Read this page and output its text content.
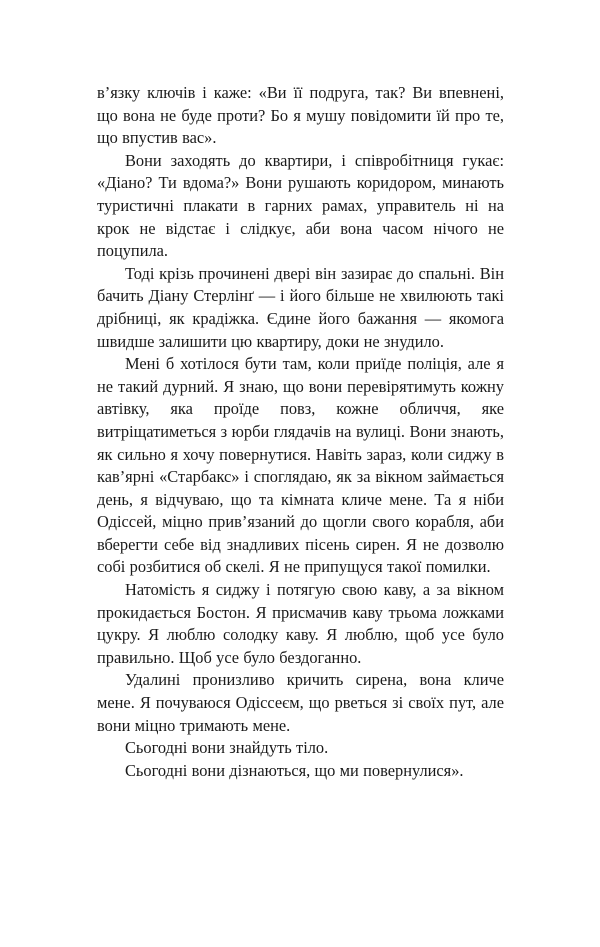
в’язку ключів і каже: «Ви її подруга, так? Ви впевнені, що вона не буде проти? Бо я мушу повідомити їй про те, що впустив вас».

Вони заходять до квартири, і співробітниця гукає: «Діано? Ти вдома?» Вони рушають коридором, минають туристичні плакати в гарних рамах, управитель ні на крок не відстає і слідкує, аби вона часом нічого не поцупила.

Тоді крізь прочинені двері він зазирає до спальні. Він бачить Діану Стерлінґ — і його більше не хвилюють такі дрібниці, як крадіжка. Єдине його бажання — якомога швидше залишити цю квартиру, доки не знудило.

Мені б хотілося бути там, коли приїде поліція, але я не такий дурний. Я знаю, що вони перевірятимуть кожну автівку, яка проїде повз, кожне обличчя, яке витріщатиметься з юрби глядачів на вулиці. Вони знають, як сильно я хочу повернутися. Навіть зараз, коли сиджу в кав’ярні «Старбакс» і споглядаю, як за вікном займається день, я відчуваю, що та кімната кличе мене. Та я ніби Одіссей, міцно прив’язаний до щогли свого корабля, аби вберегти себе від знадливих пісень сирен. Я не дозволю собі розбитися об скелі. Я не припущуся такої помилки.

Натомість я сиджу і потягую свою каву, а за вікном прокидається Бостон. Я присмачив каву трьома ложками цукру. Я люблю солодку каву. Я люблю, щоб усе було правильно. Щоб усе було бездоганно.

Удалині пронизливо кричить сирена, вона кличе мене. Я почуваюся Одіссеєм, що рветься зі своїх пут, але вони міцно тримають мене.

Сьогодні вони знайдуть тіло.

Сьогодні вони дізнаються, що ми повернулися».
